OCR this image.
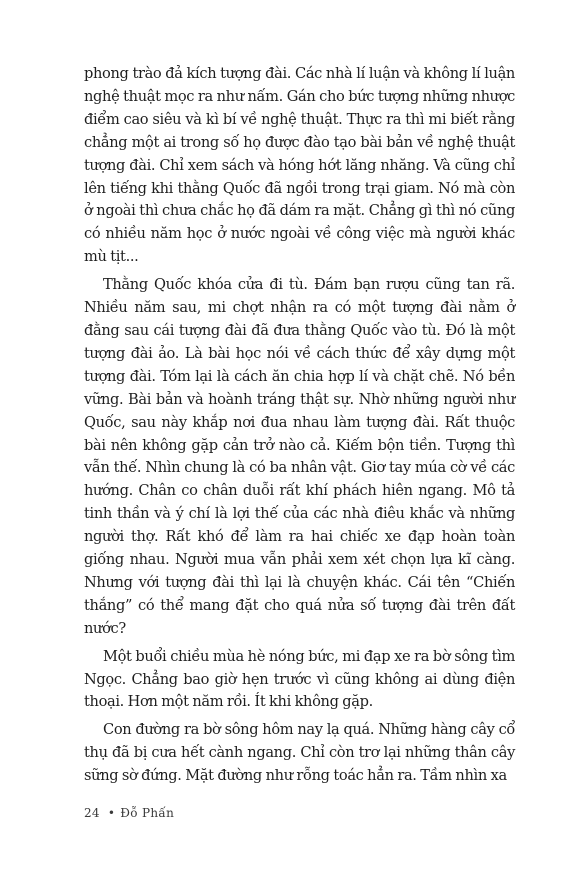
phong trào đả kích tượng đài. Các nhà lí luận và không lí luận nghệ thuật mọc ra như nấm. Gán cho bức tượng những nhược điểm cao siêu và kì bí về nghệ thuật. Thực ra thì mi biết rằng chẳng một ai trong số họ được đào tạo bài bản về nghệ thuật tượng đài. Chỉ xem sách và hóng hớt lăng nhăng. Và cũng chỉ lên tiếng khi thằng Quốc đã ngồi trong trại giam. Nó mà còn ở ngoài thì chưa chắc họ đã dám ra mặt. Chẳng gì thì nó cũng có nhiều năm học ở nước ngoài về công việc mà người khác mù tịt...

Thằng Quốc khóa cửa đi tù. Đám bạn rượu cũng tan rã. Nhiều năm sau, mi chợt nhận ra có một tượng đài nằm ở đằng sau cái tượng đài đã đưa thằng Quốc vào tù. Đó là một tượng đài ảo. Là bài học nói về cách thức để xây dựng một tượng đài. Tóm lại là cách ăn chia hợp lí và chặt chẽ. Nó bền vững. Bài bản và hoành tráng thật sự. Nhờ những người như Quốc, sau này khắp nơi đua nhau làm tượng đài. Rất thuộc bài nên không gặp cản trở nào cả. Kiếm bộn tiền. Tượng thì vẫn thế. Nhìn chung là có ba nhân vật. Giơ tay múa cờ về các hướng. Chân co chân duỗi rất khí phách hiên ngang. Mô tả tinh thần và ý chí là lợi thế của các nhà điêu khắc và những người thợ. Rất khó để làm ra hai chiếc xe đạp hoàn toàn giống nhau. Người mua vẫn phải xem xét chọn lựa kĩ càng. Nhưng với tượng đài thì lại là chuyện khác. Cái tên “Chiến thắng” có thể mang đặt cho quá nửa số tượng đài trên đất nước?

Một buổi chiều mùa hè nóng bức, mi đạp xe ra bờ sông tìm Ngọc. Chẳng bao giờ hẹn trước vì cũng không ai dùng điện thoại. Hơn một năm rồi. Ít khi không gặp.

Con đường ra bờ sông hôm nay lạ quá. Những hàng cây cổ thụ đã bị cưa hết cành ngang. Chỉ còn trơ lại những thân cây sững sờ đứng. Mặt đường như rỗng toác hẳn ra. Tầm nhìn xa

24 • Đỗ Phấn
